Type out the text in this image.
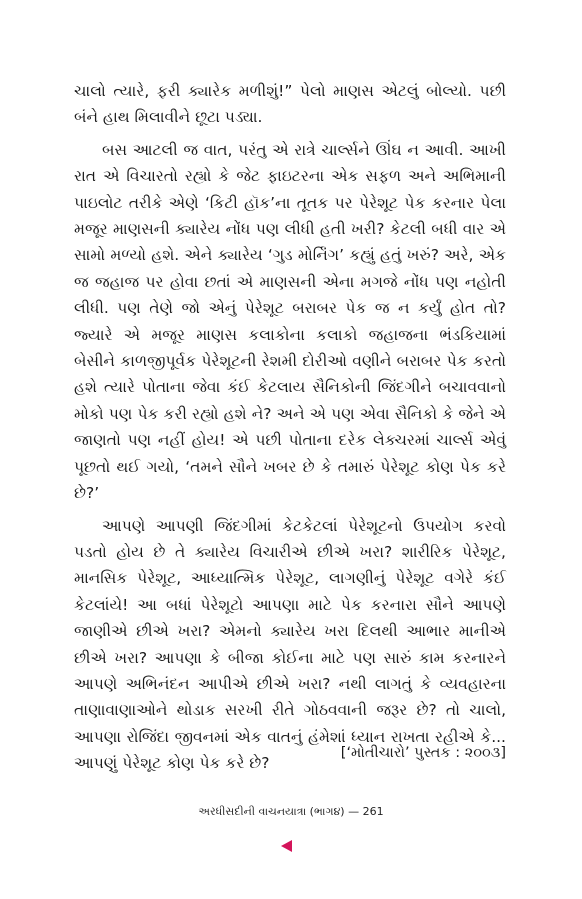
ચાલો ત્યારે, ફરી ક્યારેક મળીશું!” પેલો માણસ એટલું બોલ્યો. પછી બંને હાથ મિલાવીને છૂટા પડ્યા.

બસ આટલી જ વાત, પરંતુ એ રાત્રે ચાર્લ્સને ઊંઘ ન આવી. આખી રાત એ વિચારતો રહ્યો કે જેટ ફાઇટરના એક સફળ અને અભિમાની પાઇલોટ તરીકે એણે ‘કિટી હૉક’ના તૂતક પર પેરેશૂટ પેક કરનાર પેલા મજૂર માણસની ક્યારેય નોંધ પણ લીધી હતી ખરી? કેટલી બધી વાર એ સામો મળ્યો હશે. એને ક્યારેય ‘ગુડ મોર્નિંગ’ કહ્યું હતું ખરું? અરે, એક જ જહાજ પર હોવા છતાં એ માણસની એના મગજે નોંધ પણ નહોતી લીધી. પણ તેણે જો એનું પેરેશૂટ બરાબર પેક જ ન કર્યું હોત તો? જ્યારે એ મજૂર માણસ કલાકોના કલાકો જહાજના ભંડકિયામાં બેસીને કાળજીપૂર્વક પેરેશૂટની રેશમી દોરીઓ વણીને બરાબર પેક કરતો હશે ત્યારે પોતાના જેવા કંઈ કેટલાય સૈનિકોની જિંદગીને બચાવવાનો મોકો પણ પેક કરી રહ્યો હશે ને? અને એ પણ એવા સૈનિકો કે જેને એ જાણતો પણ નહીં હોય! એ પછી પોતાના દરેક લેક્ચરમાં ચાર્લ્સ એવું પૂછતો થઈ ગયો, ‘તમને સૌને ખબર છે કે તમારું પેરેશૂટ કોણ પેક કરે છે?’

આપણે આપણી જિંદગીમાં કેટકેટલાં પેરેશૂટનો ઉપયોગ કરવો પડતો હોય છે તે ક્યારેય વિચારીએ છીએ ખરા? શારીરિક પેરેશૂટ, માનસિક પેરેશૂટ, આધ્યાત્મિક પેરેશૂટ, લાગણીનું પેરેશૂટ વગેરે કંઈ કેટલાંયે! આ બધાં પેરેશૂટો આપણા માટે પેક કરનારા સૌને આપણે જાણીએ છીએ ખરા? એમનો ક્યારેય ખરા દિલથી આભાર માનીએ છીએ ખરા? આપણા કે બીજા કોઈના માટે પણ સારું કામ કરનારને આપણે અભિનંદન આપીએ છીએ ખરા? નથી લાગતું કે વ્યવહારના તાણાવાણાઓને થોડાક સરખી રીતે ગોઠવવાની જરૂર છે? તો ચાલો, આપણા રોજિંદા જીવનમાં એક વાતનું હંમેશાં ધ્યાન રાખતા રહીએ કે... આપણું પેરેશૂટ કોણ પેક કરે છે?

[‘મોતીચારો’ પુસ્તક : ૨૦૦૩]
અરધીસદીની વાચનયાત્રા (ભાગ૪) — 261
